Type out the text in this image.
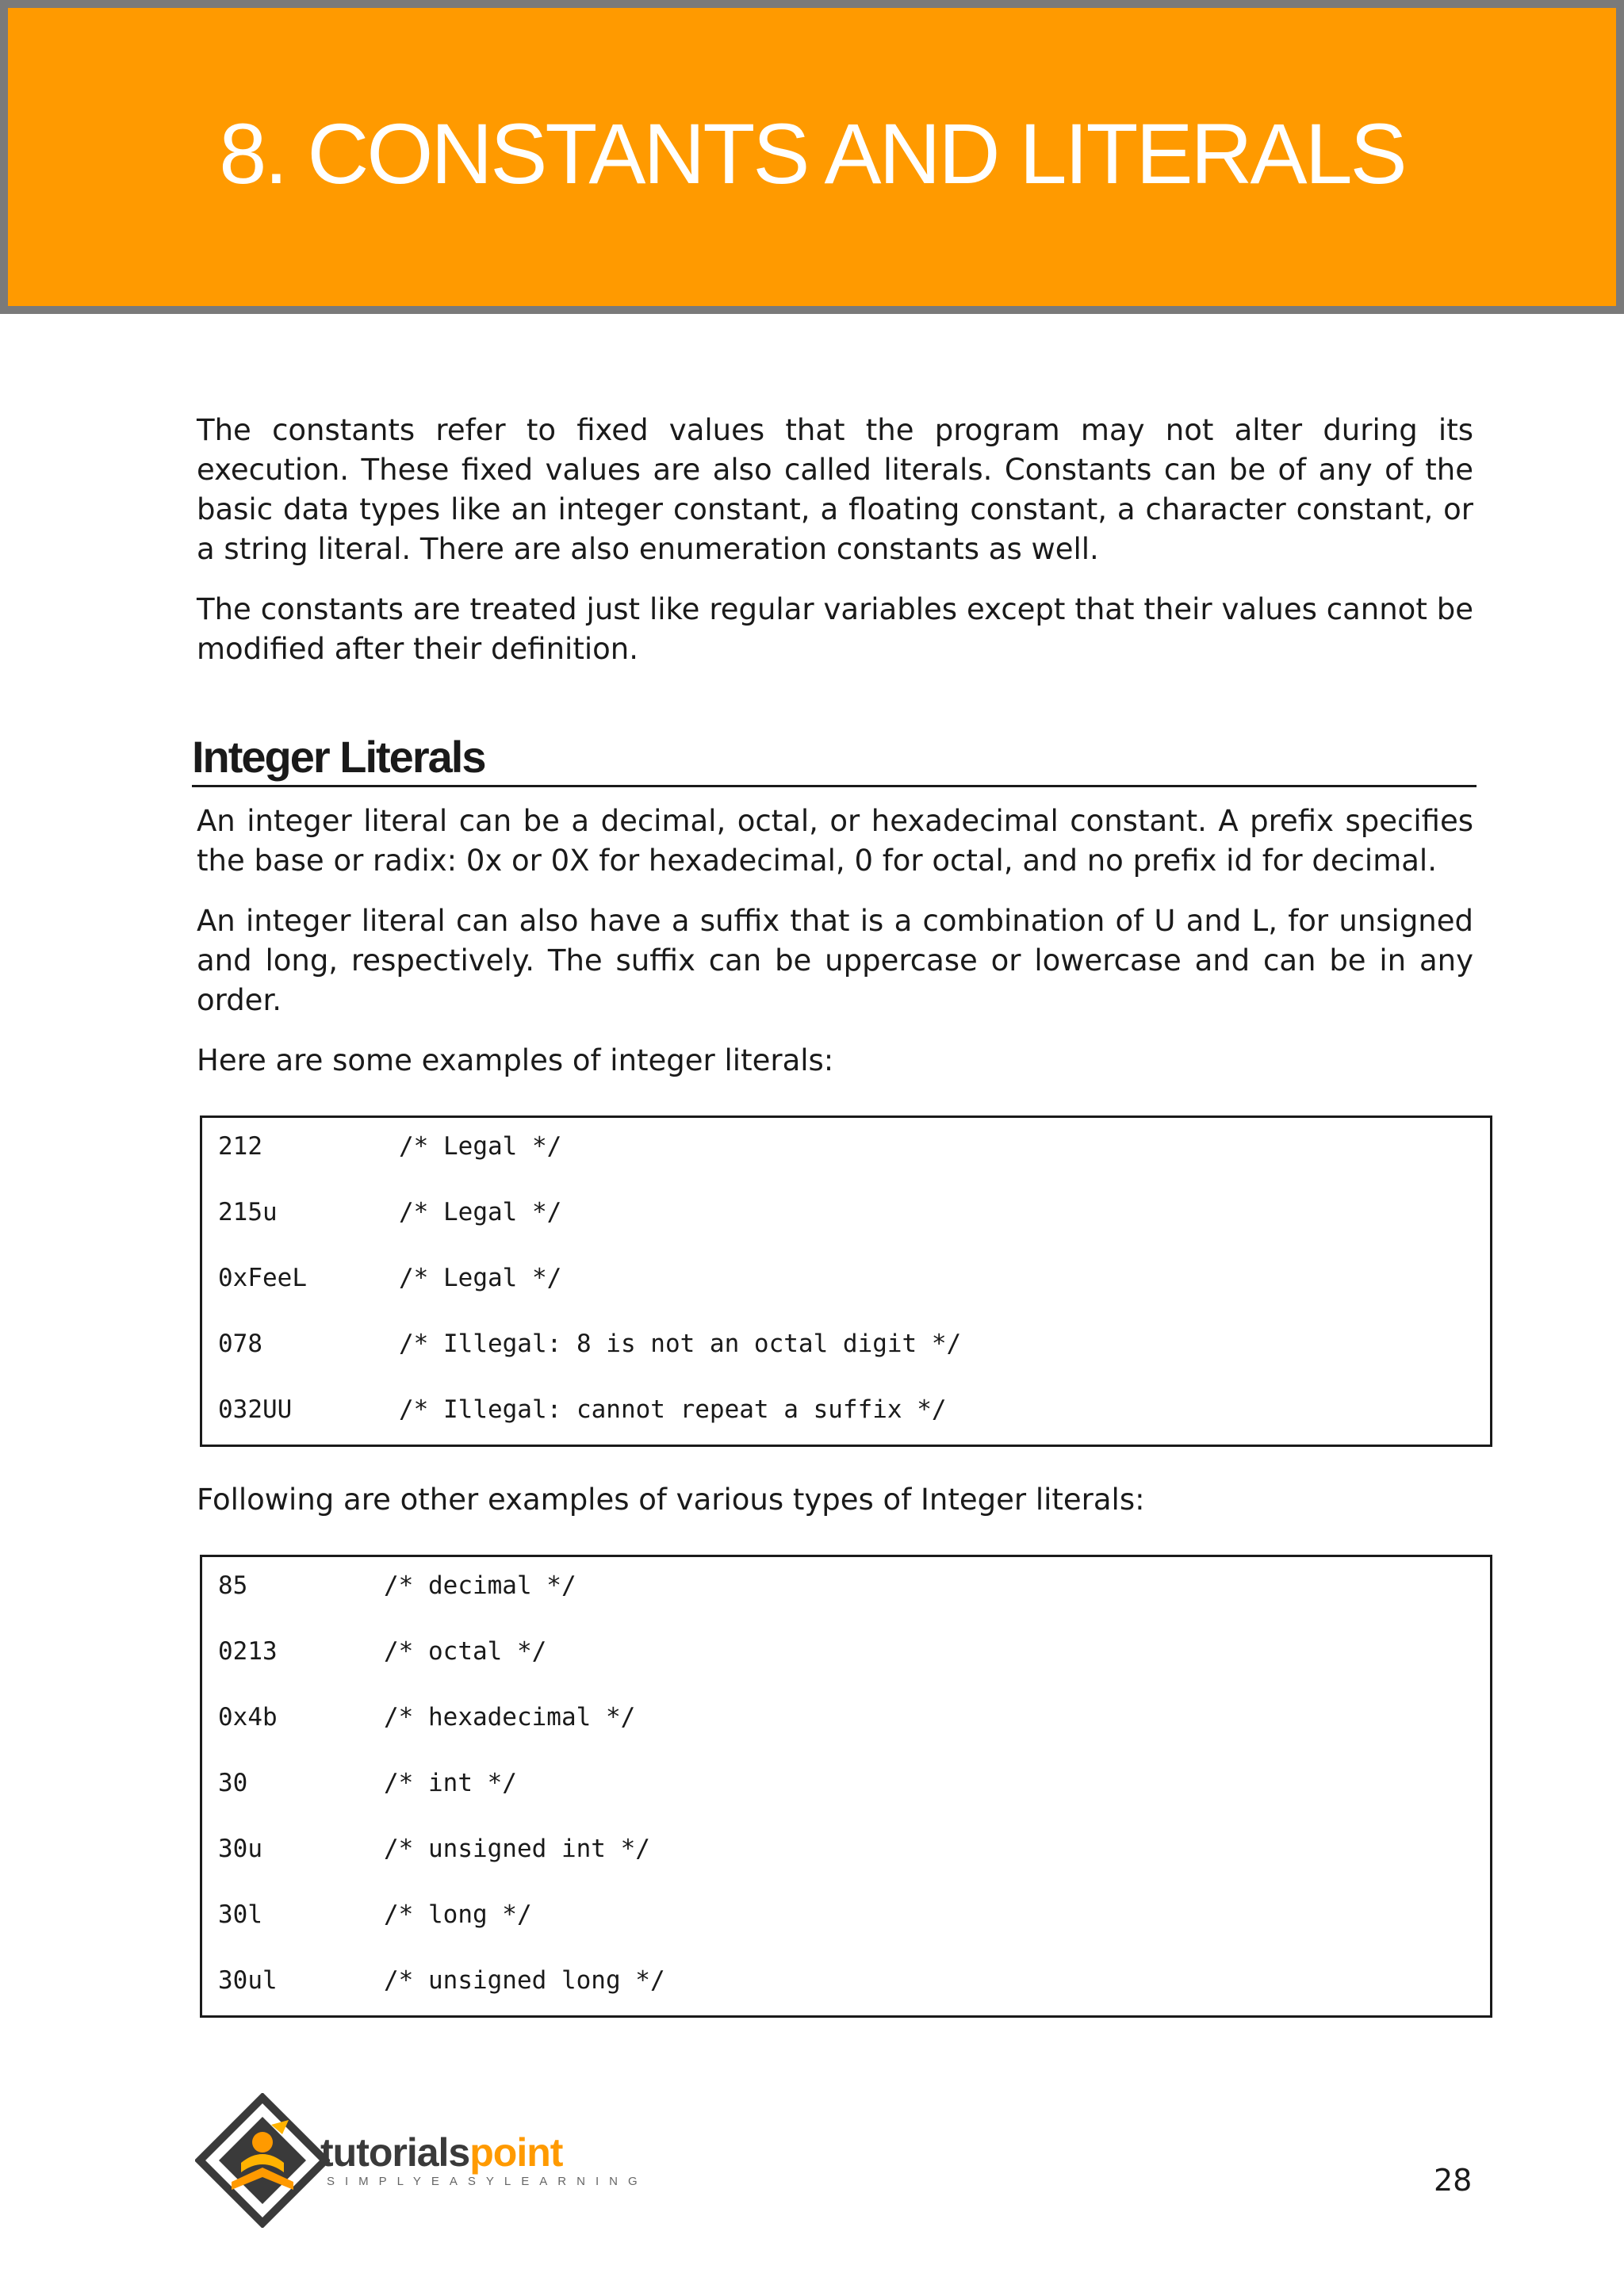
8. CONSTANTS AND LITERALS

The constants refer to fixed values that the program may not alter during its execution. These fixed values are also called literals. Constants can be of any of the basic data types like an integer constant, a floating constant, a character constant, or a string literal. There are also enumeration constants as well.

The constants are treated just like regular variables except that their values cannot be modified after their definition.

Integer Literals

An integer literal can be a decimal, octal, or hexadecimal constant. A prefix specifies the base or radix: 0x or 0X for hexadecimal, 0 for octal, and no prefix id for decimal.

An integer literal can also have a suffix that is a combination of U and L, for unsigned and long, respectively. The suffix can be uppercase or lowercase and can be in any order.

Here are some examples of integer literals:

212	/* Legal */
215u	/* Legal */
0xFeeL	/* Legal */
078	/* Illegal: 8 is not an octal digit */
032UU	/* Illegal: cannot repeat a suffix */

Following are other examples of various types of Integer literals:

85	/* decimal */
0213	/* octal */
0x4b	/* hexadecimal */
30	/* int */
30u	/* unsigned int */
30l	/* long */
30ul	/* unsigned long */
tutorialspoint
SIMPLYEASYLEARNING	28
